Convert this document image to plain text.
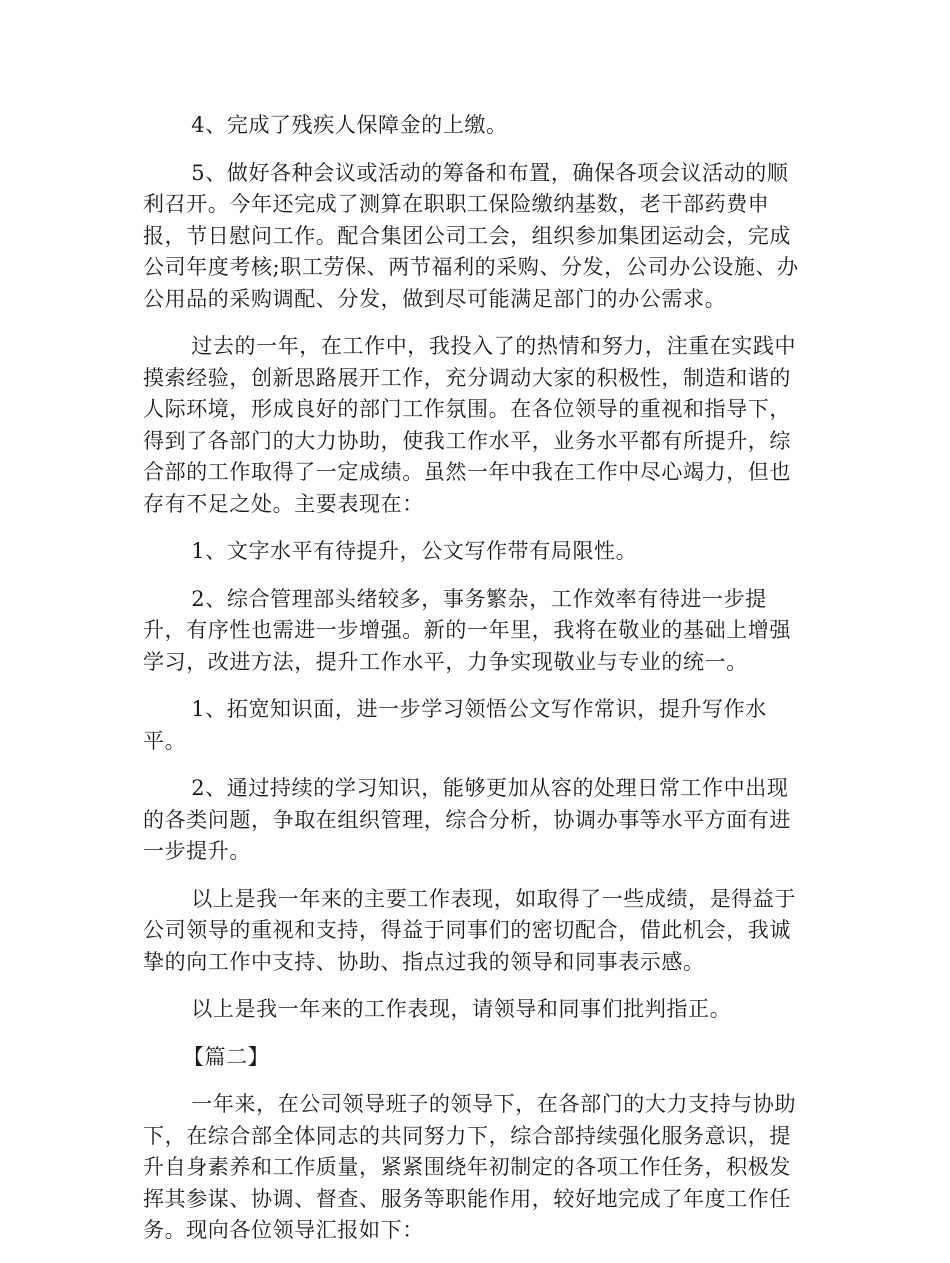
4、完成了残疾人保障金的上缴。

5、做好各种会议或活动的筹备和布置，确保各项会议活动的顺利召开。今年还完成了测算在职职工保险缴纳基数，老干部药费申报，节日慰问工作。配合集团公司工会，组织参加集团运动会，完成公司年度考核;职工劳保、两节福利的采购、分发，公司办公设施、办公用品的采购调配、分发，做到尽可能满足部门的办公需求。

过去的一年，在工作中，我投入了的热情和努力，注重在实践中摸索经验，创新思路展开工作，充分调动大家的积极性，制造和谐的人际环境，形成良好的部门工作氛围。在各位领导的重视和指导下，得到了各部门的大力协助，使我工作水平，业务水平都有所提升，综合部的工作取得了一定成绩。虽然一年中我在工作中尽心竭力，但也存有不足之处。主要表现在：

1、文字水平有待提升，公文写作带有局限性。

2、综合管理部头绪较多，事务繁杂，工作效率有待进一步提升，有序性也需进一步增强。新的一年里，我将在敬业的基础上增强学习，改进方法，提升工作水平，力争实现敬业与专业的统一。

1、拓宽知识面，进一步学习领悟公文写作常识，提升写作水平。

2、通过持续的学习知识，能够更加从容的处理日常工作中出现的各类问题，争取在组织管理，综合分析，协调办事等水平方面有进一步提升。

以上是我一年来的主要工作表现，如取得了一些成绩，是得益于公司领导的重视和支持，得益于同事们的密切配合，借此机会，我诚挚的向工作中支持、协助、指点过我的领导和同事表示感。

以上是我一年来的工作表现，请领导和同事们批判指正。

【篇二】

一年来，在公司领导班子的领导下，在各部门的大力支持与协助下，在综合部全体同志的共同努力下，综合部持续强化服务意识，提升自身素养和工作质量，紧紧围绕年初制定的各项工作任务，积极发挥其参谋、协调、督查、服务等职能作用，较好地完成了年度工作任务。现向各位领导汇报如下：
